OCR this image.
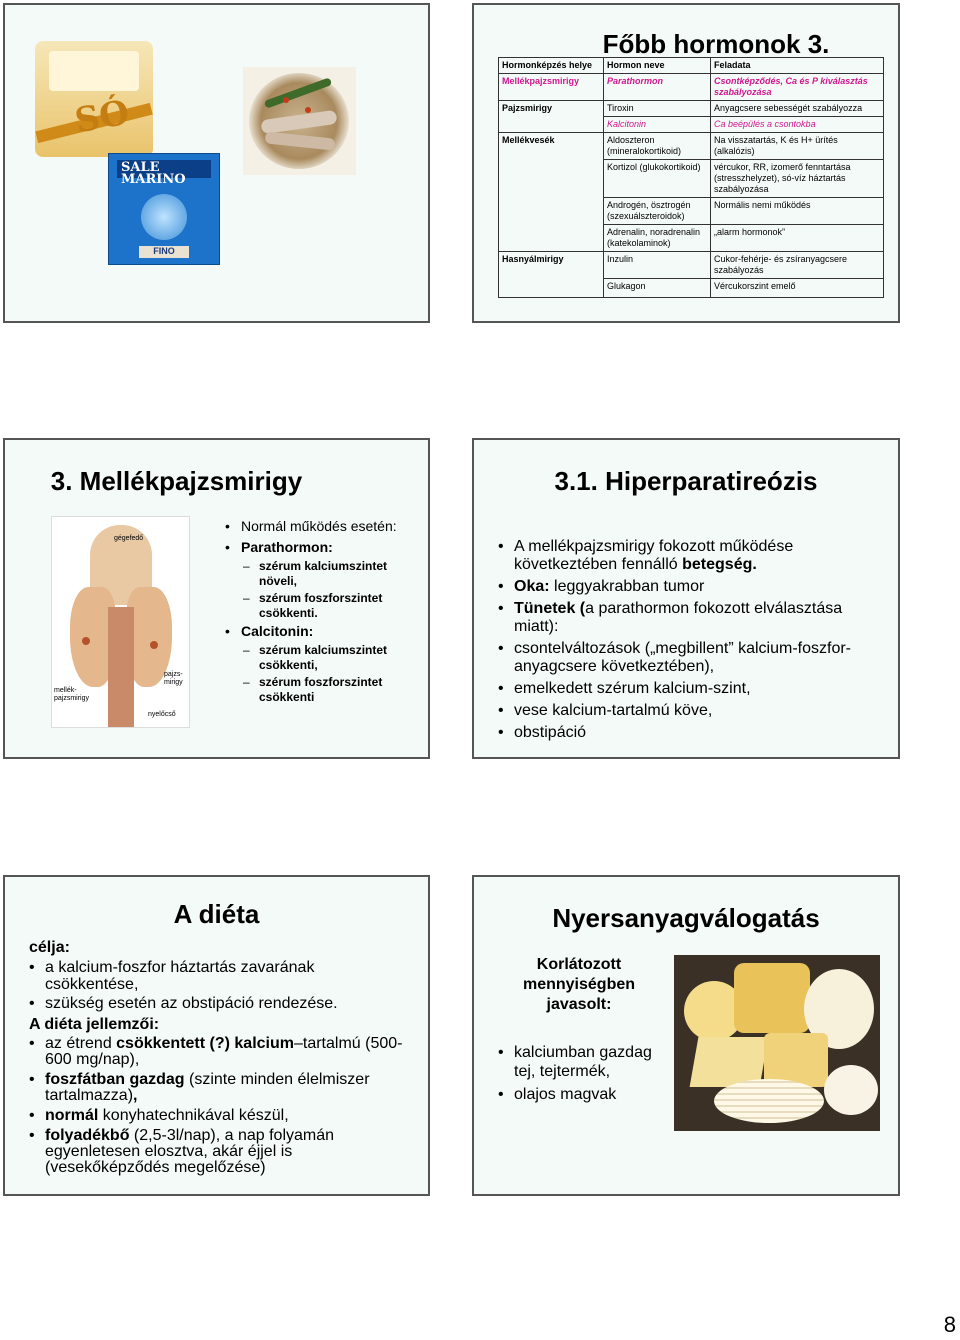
SÓ
SALE
MARINO
FINO
Főbb hormonok 3.
Hormonképzés helye	Hormon neve	Feladata
Mellékpajzsmirigy	Parathormon	Csontképződés, Ca és P kiválasztás szabályozása
Pajzsmirigy	Tiroxin	Anyagcsere sebességét szabályozza
	Kalcitonin	Ca beépülés a csontokba
Mellékvesék	Aldoszteron (mineralokortikoid)	Na visszatartás, K és H+ ürítés (alkalózis)
	Kortizol (glukokortikoid)	vércukor, RR, izomerő fenntartása (stresszhelyzet), só-víz háztartás szabályozása
	Androgén, ösztrogén (szexuálszteroidok)	Normális nemi működés
	Adrenalin, noradrenalin (katekolaminok)	„alarm hormonok”
Hasnyálmirigy	Inzulin	Cukor-fehérje- és zsíranyagcsere szabályozás
	Glukagon	Vércukorszint emelő
3. Mellékpajzsmirigy
gégefedő
mellék-
pajzsmirigy
pajzs-
mirigy
nyelőcső
• Normál működés esetén:
• Parathormon:
– szérum kalciumszintet növeli,
– szérum foszforszintet csökkenti.
• Calcitonin:
– szérum kalciumszintet csökkenti,
– szérum foszforszintet csökkenti
3.1. Hiperparatireózis
• A mellékpajzsmirigy fokozott működése következtében fennálló betegség.
• Oka: leggyakrabban tumor
• Tünetek (a parathormon fokozott elválasztása miatt):
• csontelváltozások („megbillent” kalcium-foszfor-anyagcsere következtében),
• emelkedett szérum kalcium-szint,
• vese kalcium-tartalmú köve,
• obstipáció
A diéta
célja:
• a kalcium-foszfor háztartás zavarának csökkentése,
• szükség esetén az obstipáció rendezése.
A diéta jellemzői:
• az étrend csökkentett (?) kalcium–tartalmú (500-600 mg/nap),
• foszfátban gazdag (szinte minden élelmiszer tartalmazza),
• normál konyhatechnikával készül,
• folyadékbő (2,5-3l/nap), a nap folyamán egyenletesen elosztva, akár éjjel is (vesekőképződés megelőzése)
Nyersanyagválogatás
Korlátozott mennyiségben javasolt:
• kalciumban gazdag tej, tejtermék,
• olajos magvak
8
